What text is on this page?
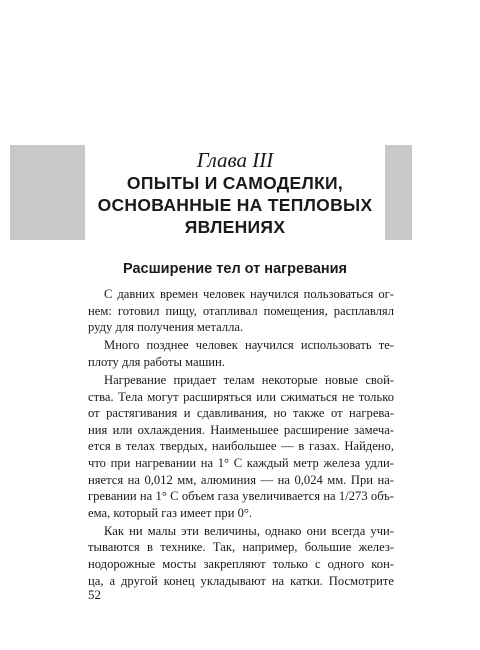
Глава III
ОПЫТЫ И САМОДЕЛКИ,
ОСНОВАННЫЕ НА ТЕПЛОВЫХ
ЯВЛЕНИЯХ
Расширение тел от нагревания
С давних времен человек научился пользоваться ог-
нем: готовил пищу, отапливал помещения, расплавлял
руду для получения металла.
Много позднее человек научился использовать те-
плоту для работы машин.
Нагревание придает телам некоторые новые свой-
ства. Тела могут расширяться или сжиматься не только
от растягивания и сдавливания, но также от нагрева-
ния или охлаждения. Наименьшее расширение замеча-
ется в телах твердых, наибольшее — в газах. Найдено,
что при нагревании на 1° С каждый метр железа удли-
няется на 0,012 мм, алюминия — на 0,024 мм. При на-
гревании на 1° С объем газа увеличивается на 1/273 объ-
ема, который газ имеет при 0°.
Как ни малы эти величины, однако они всегда учи-
тываются в технике. Так, например, большие желез-
нодорожные мосты закрепляют только с одного кон-
ца, а другой конец укладывают на катки. Посмотрите
52
